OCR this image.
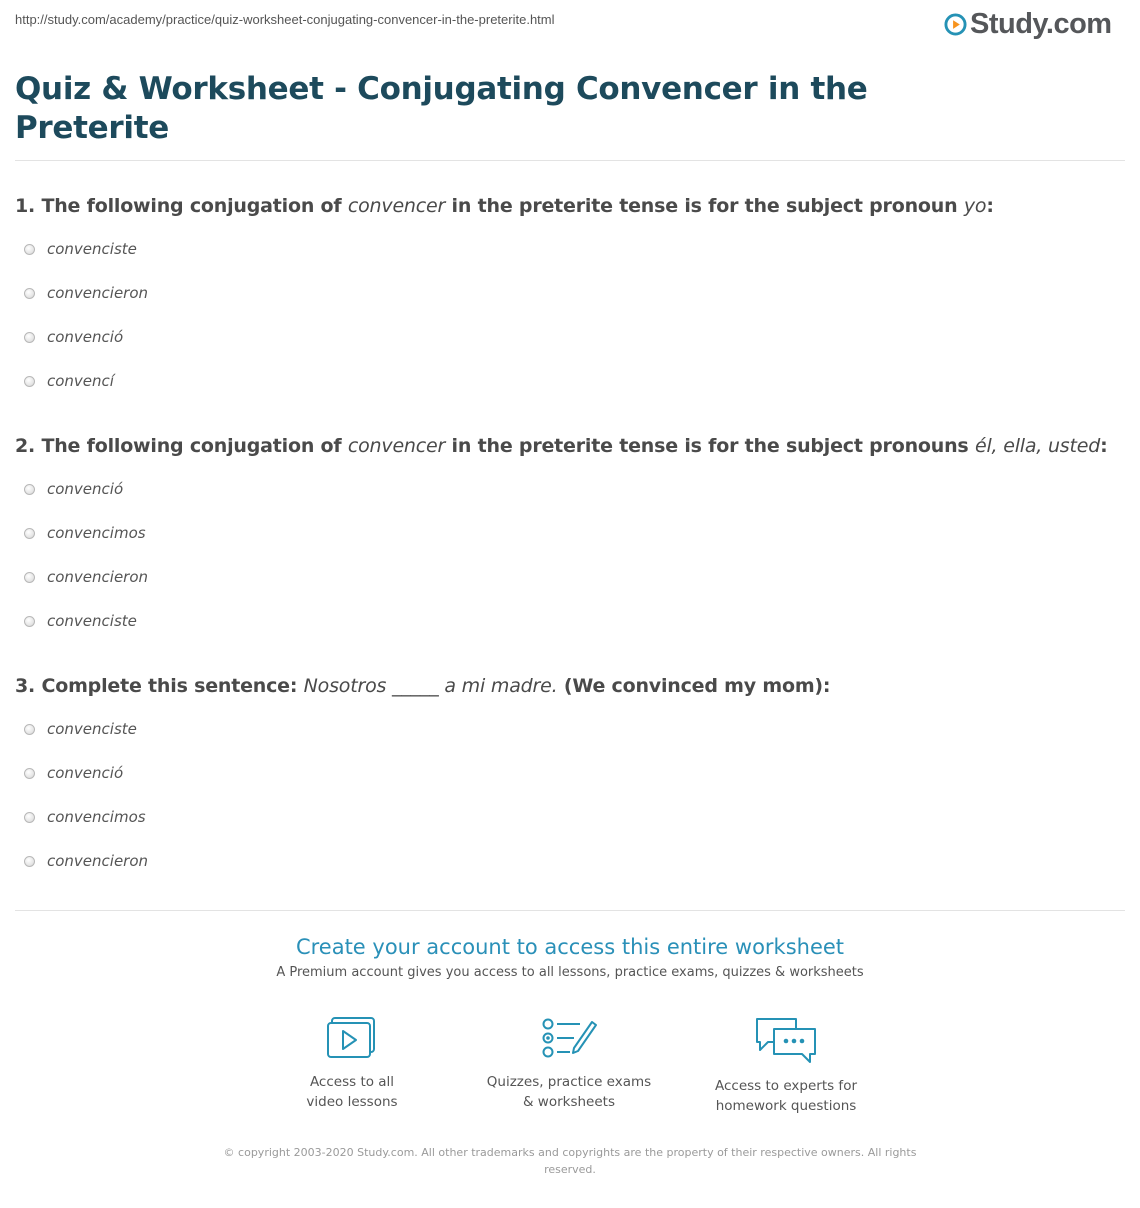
http://study.com/academy/practice/quiz-worksheet-conjugating-convencer-in-the-preterite.html	Study.com
Quiz & Worksheet - Conjugating Convencer in the Preterite
1. The following conjugation of convencer in the preterite tense is for the subject pronoun yo:
convenciste
convencieron
convenció
convencí
2. The following conjugation of convencer in the preterite tense is for the subject pronouns él, ella, usted:
convenció
convencimos
convencieron
convenciste
3. Complete this sentence: Nosotros _____ a mi madre. (We convinced my mom):
convenciste
convenció
convencimos
convencieron
Create your account to access this entire worksheet
A Premium account gives you access to all lessons, practice exams, quizzes & worksheets
Access to all
video lessons
Quizzes, practice exams
& worksheets
Access to experts for
homework questions
© copyright 2003-2020 Study.com. All other trademarks and copyrights are the property of their respective owners. All rights reserved.
